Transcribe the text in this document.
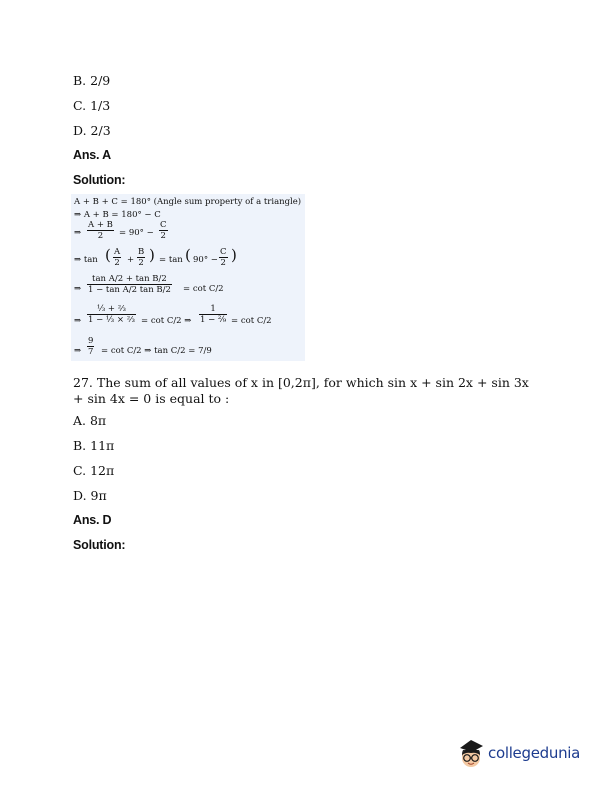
B. 2/9
C. 1/3
D. 2/3
Ans. A
Solution:
A + B + C = 180° (Angle sum property of a triangle)
⇒ A + B = 180° − C
⇒
A + B
2 = 90° −
C
2
⇒ tan ( A
2 +
B
2 ) = tan ( 90° −
C
2 )
⇒
tan A/2 + tan B/2
1 − tan A/2 tan B/2 = cot C/2
⇒
⅓ + ⅔
1 − ⅓ × ⅔ = cot C/2 ⇒
1
1 − ²⁄₉ = cot C/2
⇒
9
7 = cot C/2 ⇒ tan C/2 = 7/9
27. The sum of all values of x in [0,2π], for which sin x + sin 2x + sin 3x + sin 4x = 0 is equal to :
A. 8π
B. 11π
C. 12π
D. 9π
Ans. D
Solution:
collegedunia
